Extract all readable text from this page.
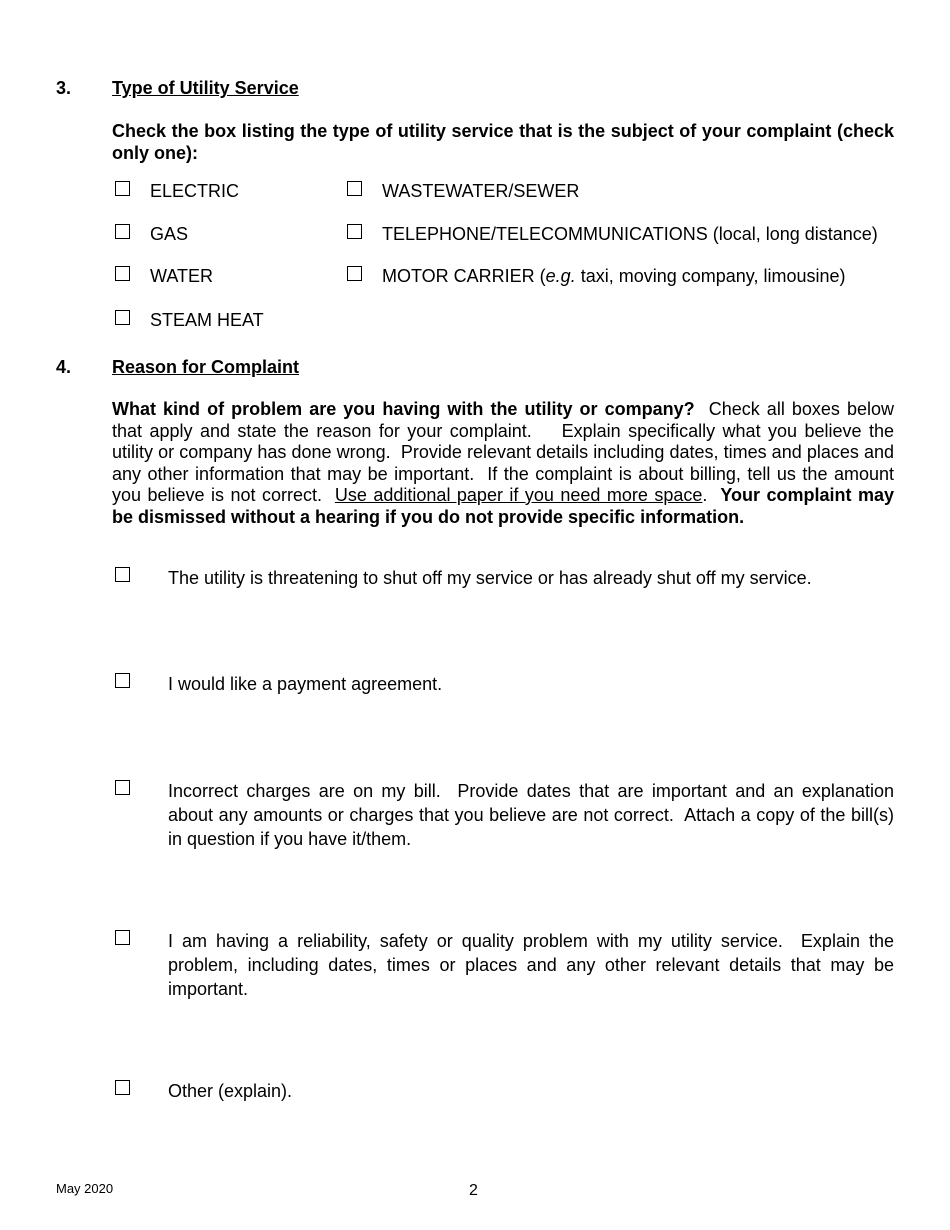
3. Type of Utility Service
Check the box listing the type of utility service that is the subject of your complaint (check only one):
ELECTRIC
GAS
WATER
STEAM HEAT
WASTEWATER/SEWER
TELEPHONE/TELECOMMUNICATIONS (local, long distance)
MOTOR CARRIER (e.g. taxi, moving company, limousine)
4. Reason for Complaint
What kind of problem are you having with the utility or company?  Check all boxes below that apply and state the reason for your complaint.    Explain specifically what you believe the utility or company has done wrong.  Provide relevant details including dates, times and places and any other information that may be important.  If the complaint is about billing, tell us the amount you believe is not correct.  Use additional paper if you need more space.  Your complaint may be dismissed without a hearing if you do not provide specific information.
The utility is threatening to shut off my service or has already shut off my service.
I would like a payment agreement.
Incorrect charges are on my bill.  Provide dates that are important and an explanation about any amounts or charges that you believe are not correct.  Attach a copy of the bill(s) in question if you have it/them.
I am having a reliability, safety or quality problem with my utility service.  Explain the problem, including dates, times or places and any other relevant details that may be important.
Other (explain).
May 2020	2
